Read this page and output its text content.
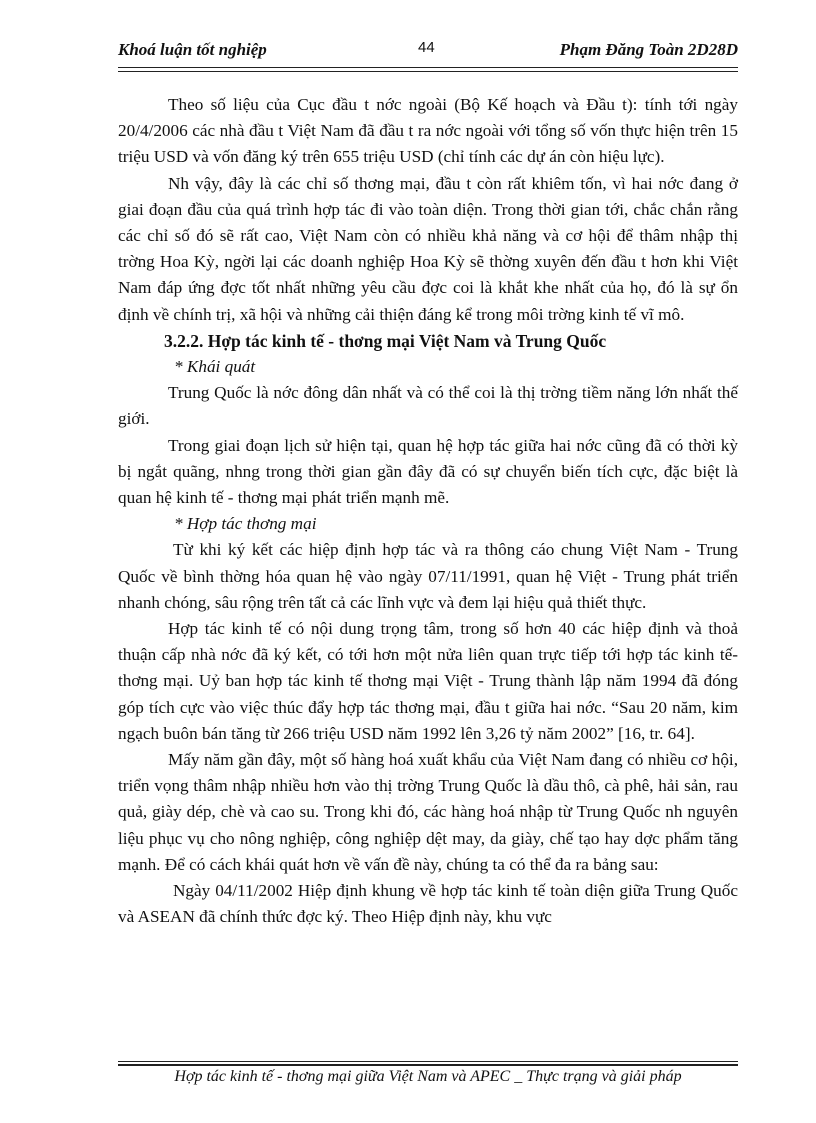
Khoá luận tốt nghiệp	44	Phạm Đăng Toàn 2D28D

Theo số liệu của Cục đầu t nớc ngoài (Bộ Kế hoạch và Đầu t): tính tới ngày 20/4/2006 các nhà đầu t Việt Nam đã đầu t ra nớc ngoài với tổng số vốn thực hiện trên 15 triệu USD và vốn đăng ký trên 655 triệu USD (chỉ tính các dự án còn hiệu lực).

Nh vậy, đây là các chỉ số thơng mại, đầu t còn rất khiêm tốn, vì hai nớc đang ở giai đoạn đầu của quá trình hợp tác đi vào toàn diện. Trong thời gian tới, chắc chắn rằng các chỉ số đó sẽ rất cao, Việt Nam còn có nhiều khả năng và cơ hội để thâm nhập thị trờng Hoa Kỳ, ngời lại các doanh nghiệp Hoa Kỳ sẽ thờng xuyên đến đầu t hơn khi Việt Nam đáp ứng đợc tốt nhất những yêu cầu đợc coi là khắt khe nhất của họ, đó là sự ổn định về chính trị, xã hội và những cải thiện đáng kể trong môi trờng kinh tế vĩ mô.

3.2.2. Hợp tác kinh tế - thơng mại Việt Nam và Trung Quốc

* Khái quát

Trung Quốc là nớc đông dân nhất và có thể coi là thị trờng tiềm năng lớn nhất thế giới.

Trong giai đoạn lịch sử hiện tại, quan hệ hợp tác giữa hai nớc cũng đã có thời kỳ bị ngắt quãng, nhng trong thời gian gần đây đã có sự chuyển biến tích cực, đặc biệt là quan hệ kinh tế - thơng mại phát triển mạnh mẽ.

* Hợp tác thơng mại

Từ khi ký kết các hiệp định hợp tác và ra thông cáo chung Việt Nam - Trung Quốc về bình thờng hóa quan hệ vào ngày 07/11/1991, quan hệ Việt - Trung phát triển nhanh chóng, sâu rộng trên tất cả các lĩnh vực và đem lại hiệu quả thiết thực.

Hợp tác kinh tế có nội dung trọng tâm, trong số hơn 40 các hiệp định và thoả thuận cấp nhà nớc đã ký kết, có tới hơn một nửa liên quan trực tiếp tới hợp tác kinh tế- thơng mại. Uỷ ban hợp tác kinh tế thơng mại Việt - Trung thành lập năm 1994 đã đóng góp tích cực vào việc thúc đẩy hợp tác thơng mại, đầu t giữa hai nớc. “Sau 20 năm, kim ngạch buôn bán tăng từ 266 triệu USD năm 1992 lên 3,26 tỷ năm 2002” [16, tr. 64].

Mấy năm gần đây, một số hàng hoá xuất khẩu của Việt Nam đang có nhiều cơ hội, triển vọng thâm nhập nhiều hơn vào thị trờng Trung Quốc là dầu thô, cà phê, hải sản, rau quả, giày dép, chè và cao su. Trong khi đó, các hàng hoá nhập từ Trung Quốc nh nguyên liệu phục vụ cho nông nghiệp, công nghiệp dệt may, da giày, chế tạo hay dợc phẩm tăng mạnh. Để có cách khái quát hơn về vấn đề này, chúng ta có thể đa ra bảng sau:

Ngày 04/11/2002 Hiệp định khung về hợp tác kinh tế toàn diện giữa Trung Quốc và ASEAN đã chính thức đợc ký. Theo Hiệp định này, khu vực

Hợp tác kinh tế - thơng mại giữa Việt Nam và APEC _ Thực trạng và giải pháp
